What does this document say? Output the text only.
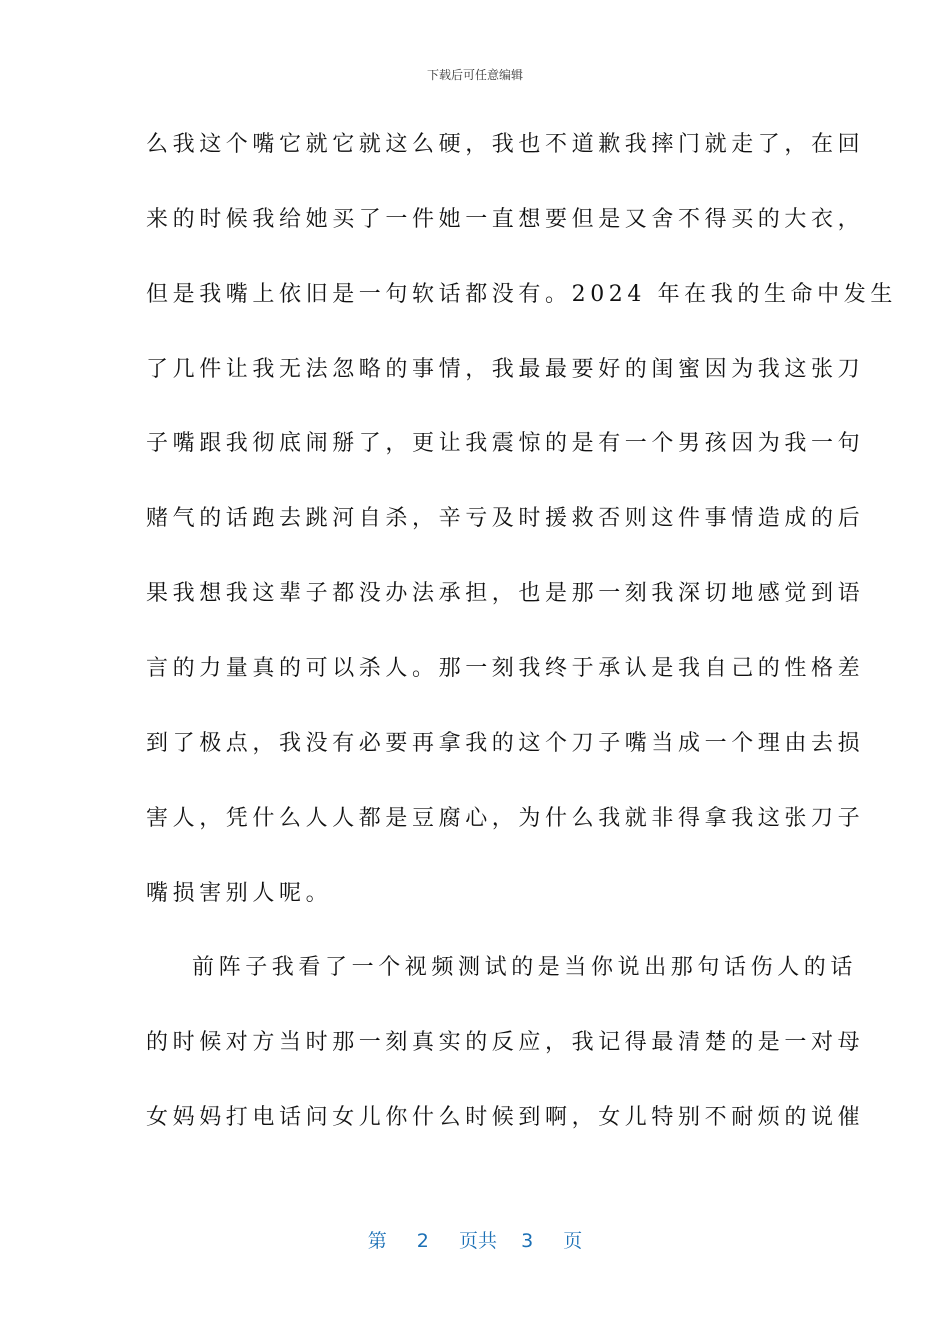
下载后可任意编辑
么我这个嘴它就它就这么硬，我也不道歉我摔门就走了，在回
来的时候我给她买了一件她一直想要但是又舍不得买的大衣，
但是我嘴上依旧是一句软话都没有。2024 年在我的生命中发生
了几件让我无法忽略的事情，我最最要好的闺蜜因为我这张刀
子嘴跟我彻底闹掰了，更让我震惊的是有一个男孩因为我一句
赌气的话跑去跳河自杀，辛亏及时援救否则这件事情造成的后
果我想我这辈子都没办法承担，也是那一刻我深切地感觉到语
言的力量真的可以杀人。那一刻我终于承认是我自己的性格差
到了极点，我没有必要再拿我的这个刀子嘴当成一个理由去损
害人，凭什么人人都是豆腐心，为什么我就非得拿我这张刀子
嘴损害别人呢。
前阵子我看了一个视频测试的是当你说出那句话伤人的话
的时候对方当时那一刻真实的反应，我记得最清楚的是一对母
女妈妈打电话问女儿你什么时候到啊，女儿特别不耐烦的说催
第 2 页共 3 页
